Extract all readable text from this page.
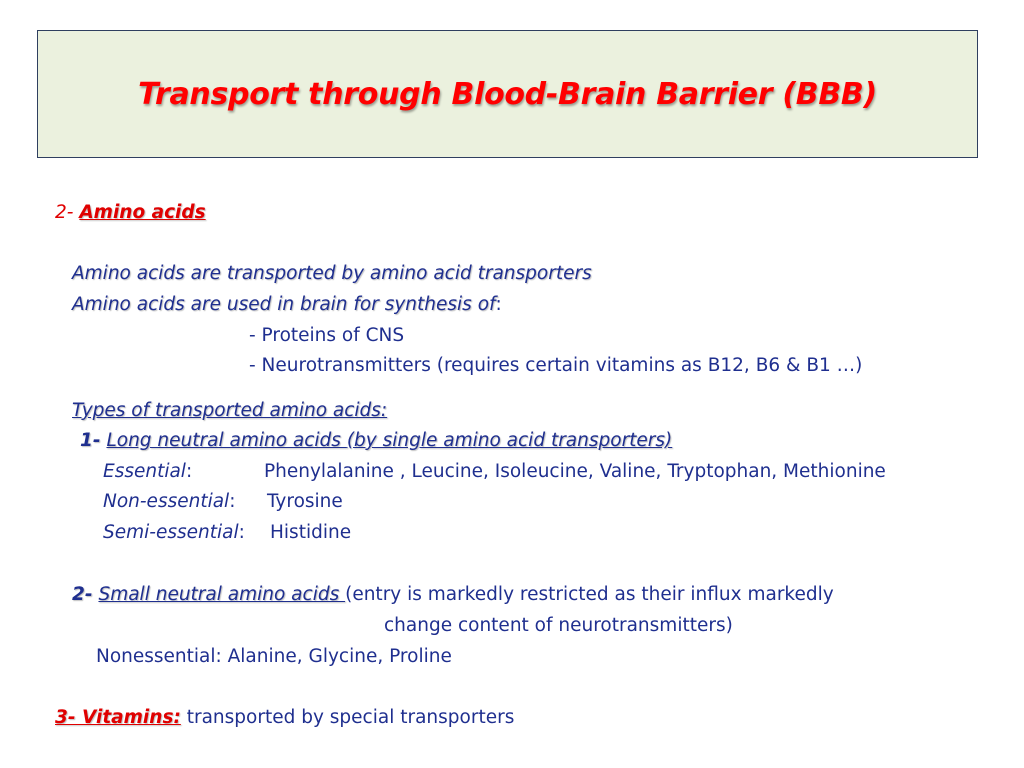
Transport through Blood-Brain Barrier (BBB)
2- Amino acids
Amino acids are transported by amino acid transporters
Amino acids are used in brain for synthesis of:
- Proteins of CNS
- Neurotransmitters (requires certain vitamins as B12, B6 & B1 …)
Types of transported amino acids:
1- Long neutral amino acids (by single amino acid transporters)
Essential:	Phenylalanine , Leucine, Isoleucine, Valine, Tryptophan, Methionine
Non-essential: Tyrosine
Semi-essential: Histidine
2- Small neutral amino acids (entry is markedly restricted as their influx markedly
change content of neurotransmitters)
Nonessential: Alanine, Glycine, Proline
3- Vitamins: transported by special transporters
